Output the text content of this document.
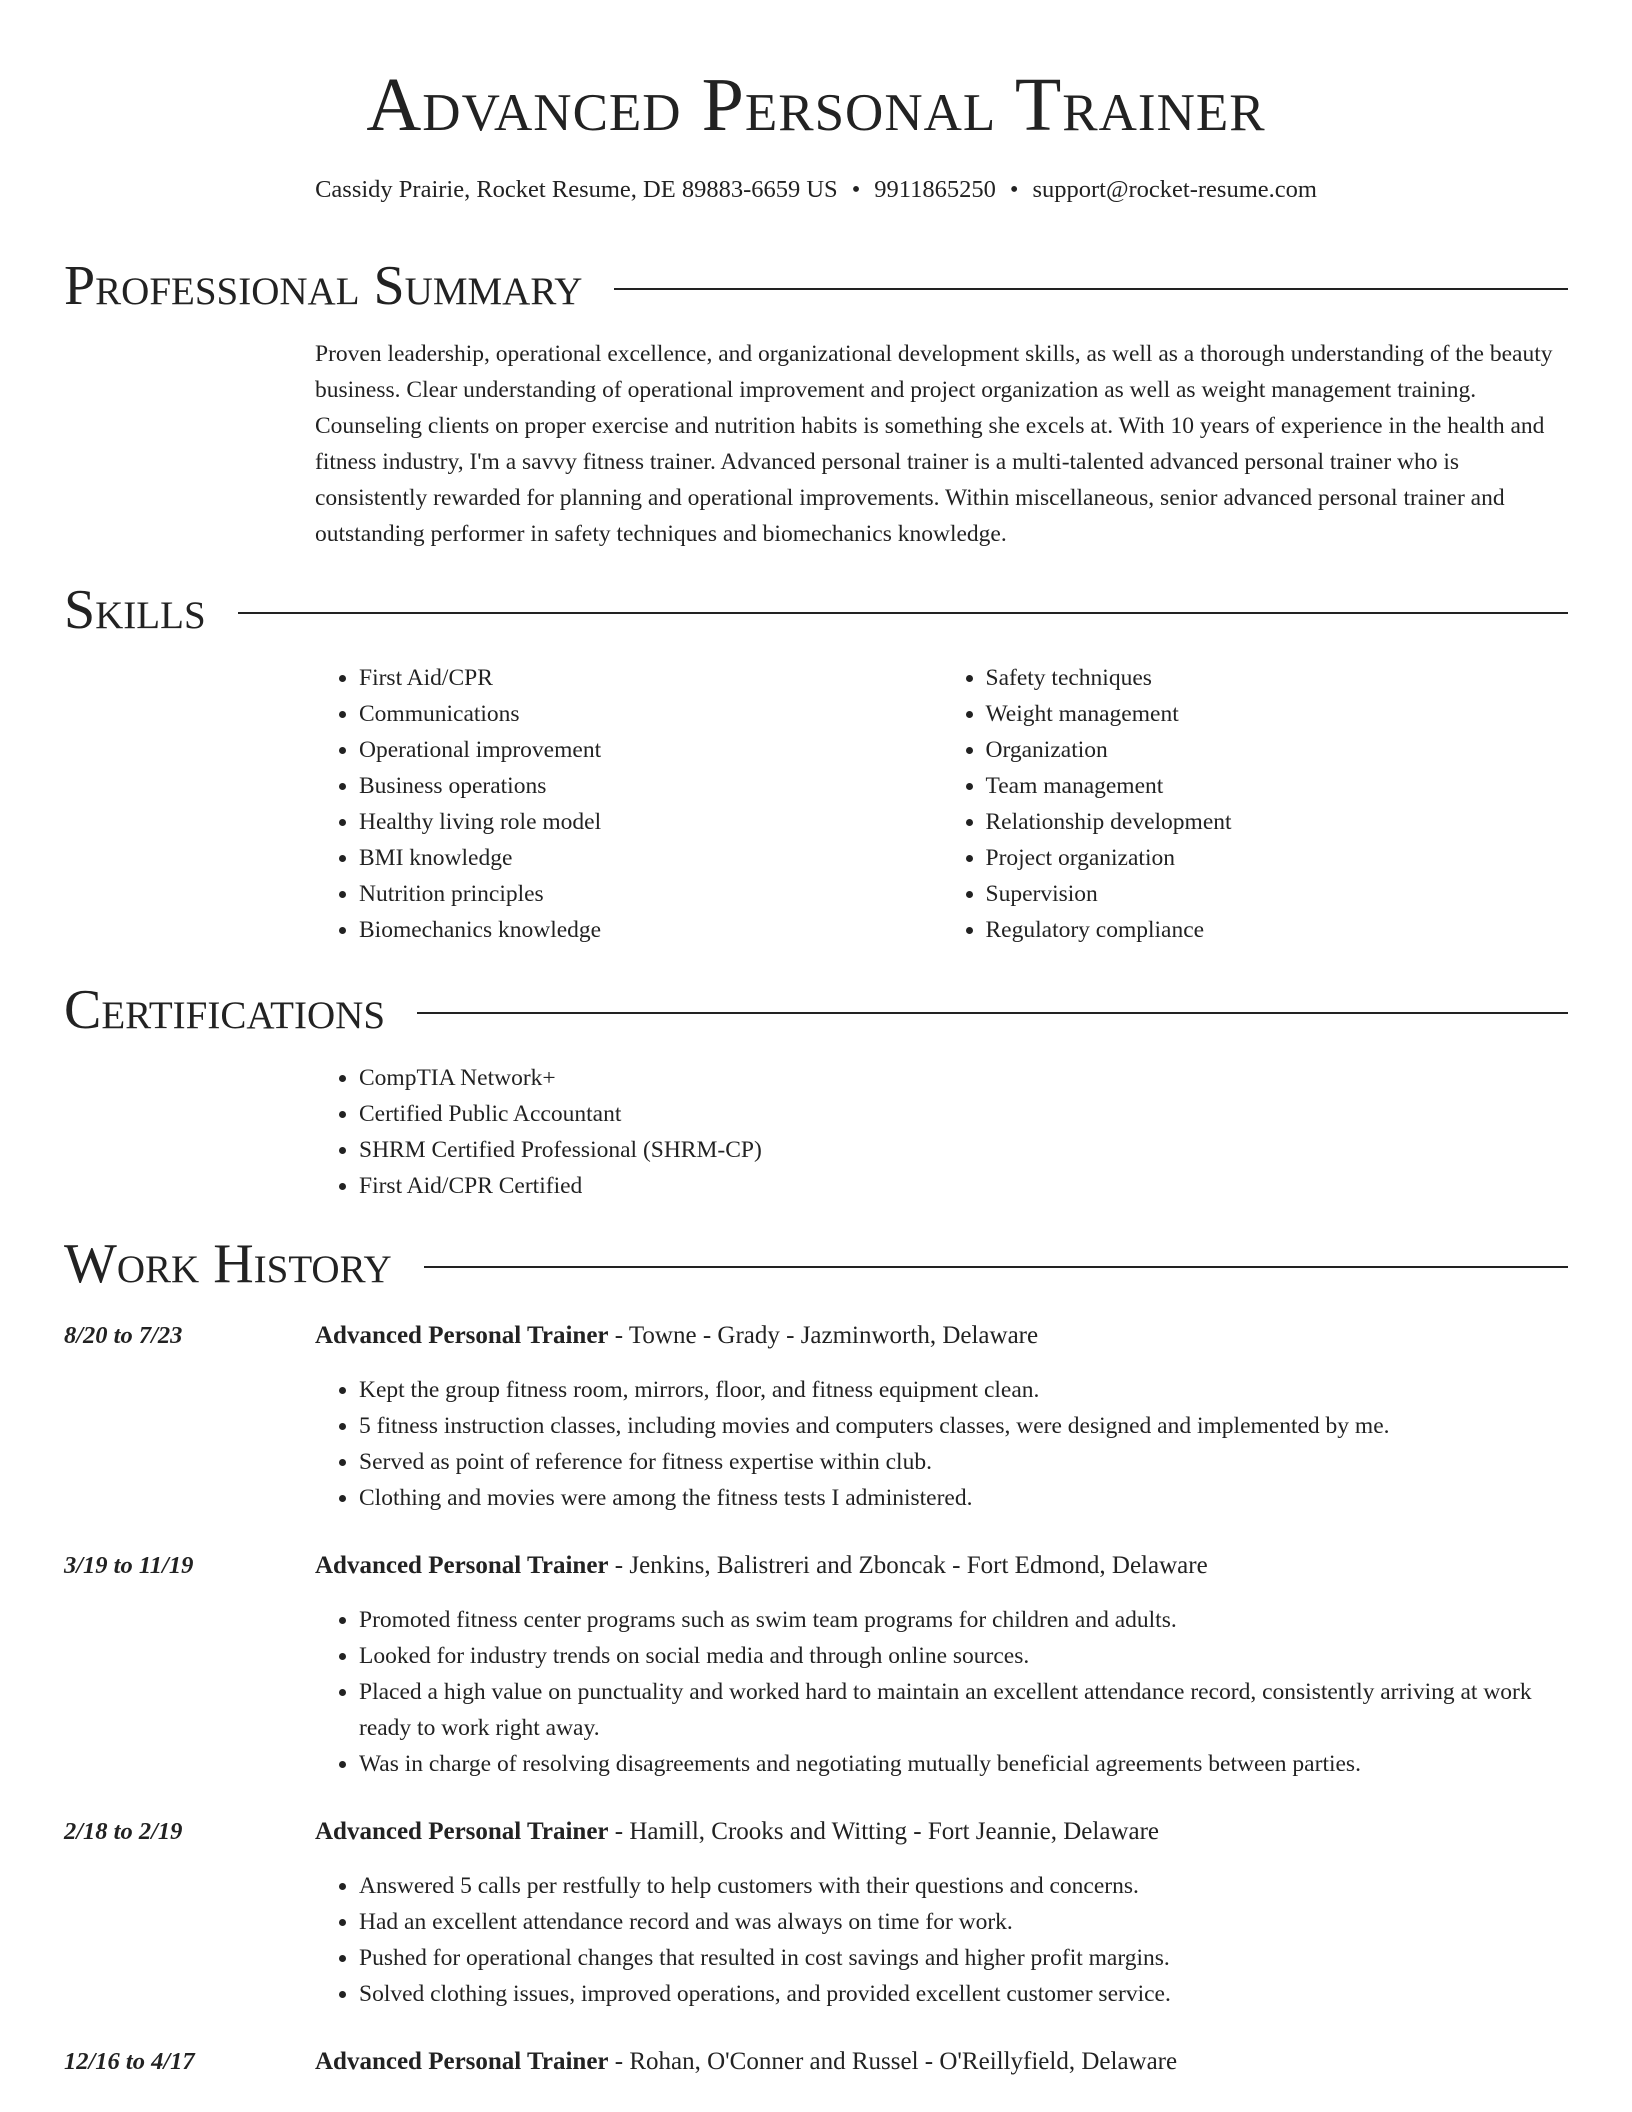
Advanced Personal Trainer

Cassidy Prairie, Rocket Resume, DE 89883-6659 US • 9911865250 • support@rocket-resume.com

Professional Summary

Proven leadership, operational excellence, and organizational development skills, as well as a thorough understanding of the beauty business. Clear understanding of operational improvement and project organization as well as weight management training. Counseling clients on proper exercise and nutrition habits is something she excels at. With 10 years of experience in the health and fitness industry, I'm a savvy fitness trainer. Advanced personal trainer is a multi-talented advanced personal trainer who is consistently rewarded for planning and operational improvements. Within miscellaneous, senior advanced personal trainer and outstanding performer in safety techniques and biomechanics knowledge.

Skills
• First Aid/CPR
• Communications
• Operational improvement
• Business operations
• Healthy living role model
• BMI knowledge
• Nutrition principles
• Biomechanics knowledge
• Safety techniques
• Weight management
• Organization
• Team management
• Relationship development
• Project organization
• Supervision
• Regulatory compliance
Certifications
• CompTIA Network+
• Certified Public Accountant
• SHRM Certified Professional (SHRM-CP)
• First Aid/CPR Certified
Work History
8/20 to 7/23	Advanced Personal Trainer - Towne - Grady - Jazminworth, Delaware
• Kept the group fitness room, mirrors, floor, and fitness equipment clean.
• 5 fitness instruction classes, including movies and computers classes, were designed and implemented by me.
• Served as point of reference for fitness expertise within club.
• Clothing and movies were among the fitness tests I administered.
3/19 to 11/19	Advanced Personal Trainer - Jenkins, Balistreri and Zboncak - Fort Edmond, Delaware
• Promoted fitness center programs such as swim team programs for children and adults.
• Looked for industry trends on social media and through online sources.
• Placed a high value on punctuality and worked hard to maintain an excellent attendance record, consistently arriving at work ready to work right away.
• Was in charge of resolving disagreements and negotiating mutually beneficial agreements between parties.
2/18 to 2/19	Advanced Personal Trainer - Hamill, Crooks and Witting - Fort Jeannie, Delaware
• Answered 5 calls per restfully to help customers with their questions and concerns.
• Had an excellent attendance record and was always on time for work.
• Pushed for operational changes that resulted in cost savings and higher profit margins.
• Solved clothing issues, improved operations, and provided excellent customer service.
12/16 to 4/17	Advanced Personal Trainer - Rohan, O'Conner and Russel - O'Reillyfield, Delaware
